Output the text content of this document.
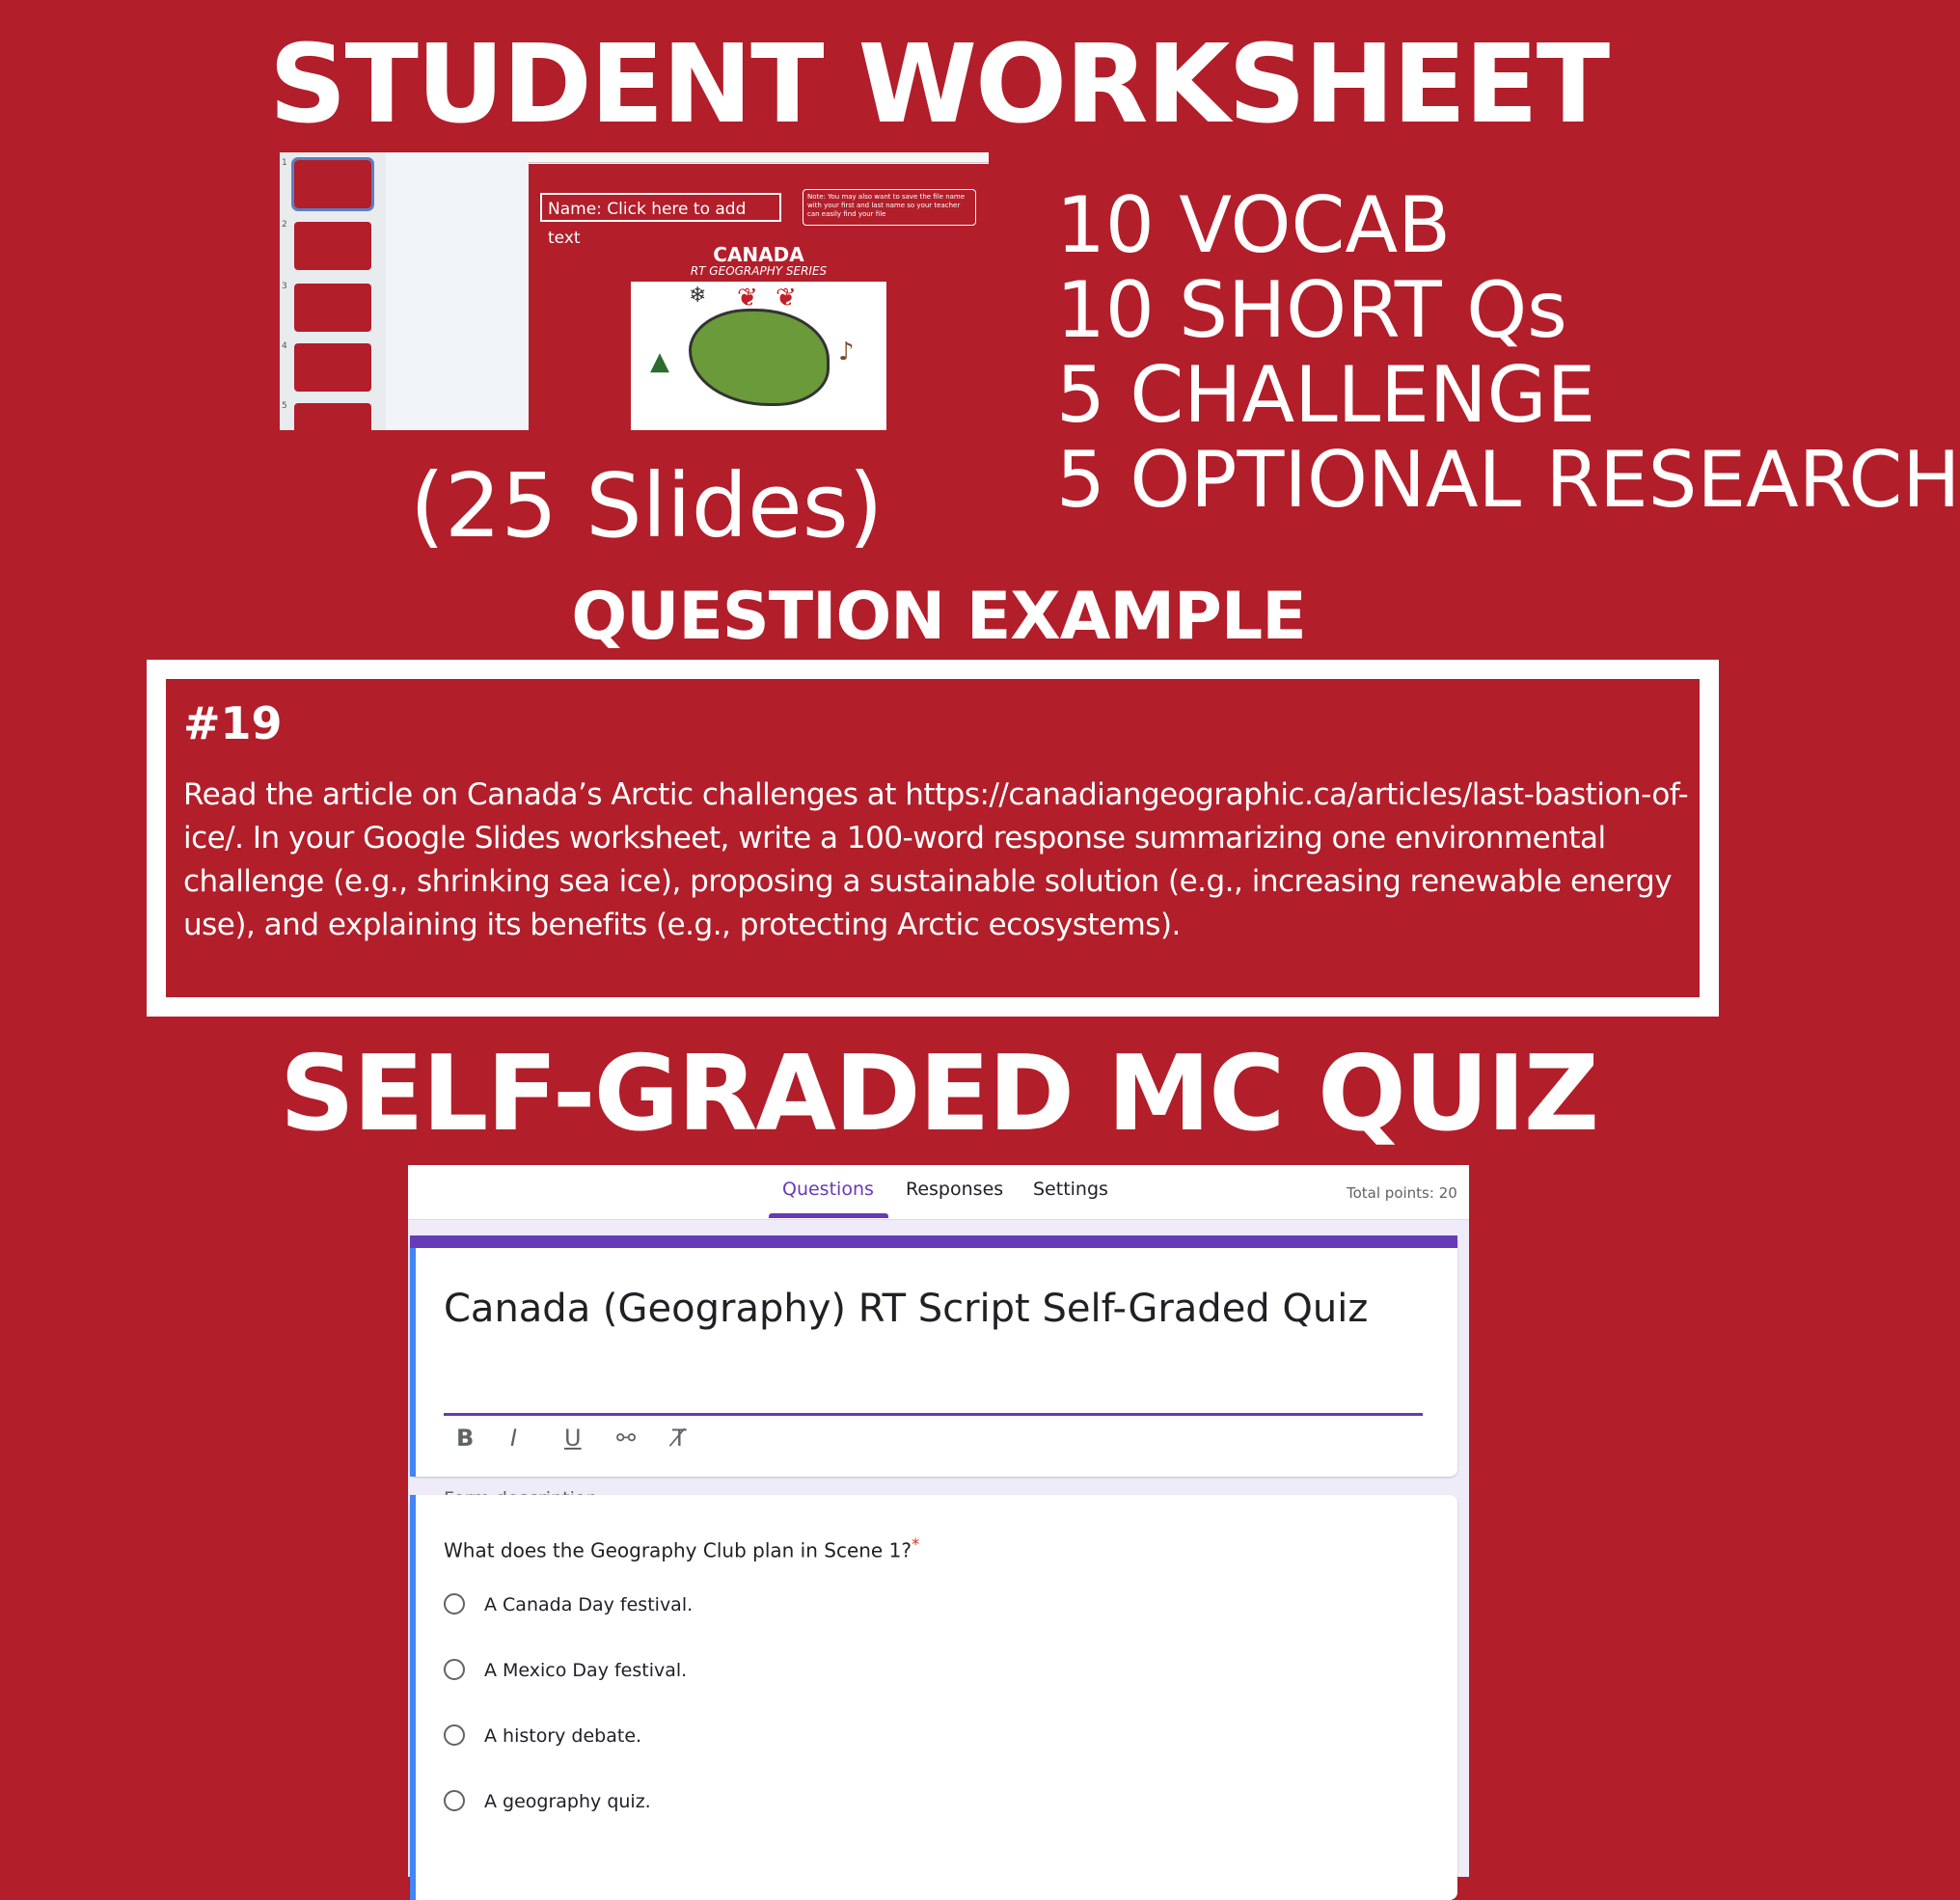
STUDENT WORKSHEET
1
2
3
4
5
Name: Click here to add text
Note: You may also want to save the file name with your first and last name so your teacher can easily find your file
CANADA
RT GEOGRAPHY SERIES
❦ ❦
❄
▲	♪
10 VOCAB
10 SHORT Qs
5 CHALLENGE
5 OPTIONAL RESEARCH
(25 Slides)
QUESTION EXAMPLE
#19
Read the article on Canada’s Arctic challenges at https://canadiangeographic.ca/articles/last-bastion-of-ice/. In your Google Slides worksheet, write a 100-word response summarizing one environmental challenge (e.g., shrinking sea ice), proposing a sustainable solution (e.g., increasing renewable energy use), and explaining its benefits (e.g., protecting Arctic ecosystems).
SELF-GRADED MC QUIZ
Questions Responses Settings	Total points: 20
Canada (Geography) RT Script Self-Graded Quiz
B I U ⚯ T̸
What does the Geography Club plan in Scene 1?*
A Canada Day festival.
A Mexico Day festival.
A history debate.
A geography quiz.
